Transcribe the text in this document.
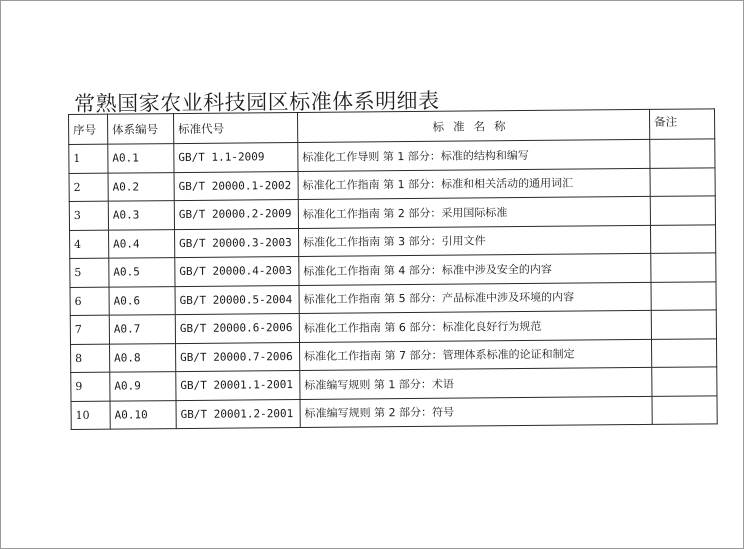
常熟国家农业科技园区标准体系明细表
序号	体系编号	标准代号	标准名称	备注
1	A0.1	GB/T 1.1-2009	标准化工作导则 第 1 部分：标准的结构和编写	
2	A0.2	GB/T 20000.1-2002	标准化工作指南 第 1 部分：标准和相关活动的通用词汇	
3	A0.3	GB/T 20000.2-2009	标准化工作指南 第 2 部分：采用国际标准	
4	A0.4	GB/T 20000.3-2003	标准化工作指南 第 3 部分：引用文件	
5	A0.5	GB/T 20000.4-2003	标准化工作指南 第 4 部分：标准中涉及安全的内容	
6	A0.6	GB/T 20000.5-2004	标准化工作指南 第 5 部分：产品标准中涉及环境的内容	
7	A0.7	GB/T 20000.6-2006	标准化工作指南 第 6 部分：标准化良好行为规范	
8	A0.8	GB/T 20000.7-2006	标准化工作指南 第 7 部分：管理体系标准的论证和制定	
9	A0.9	GB/T 20001.1-2001	标准编写规则 第 1 部分：术语	
10	A0.10	GB/T 20001.2-2001	标准编写规则 第 2 部分：符号	
